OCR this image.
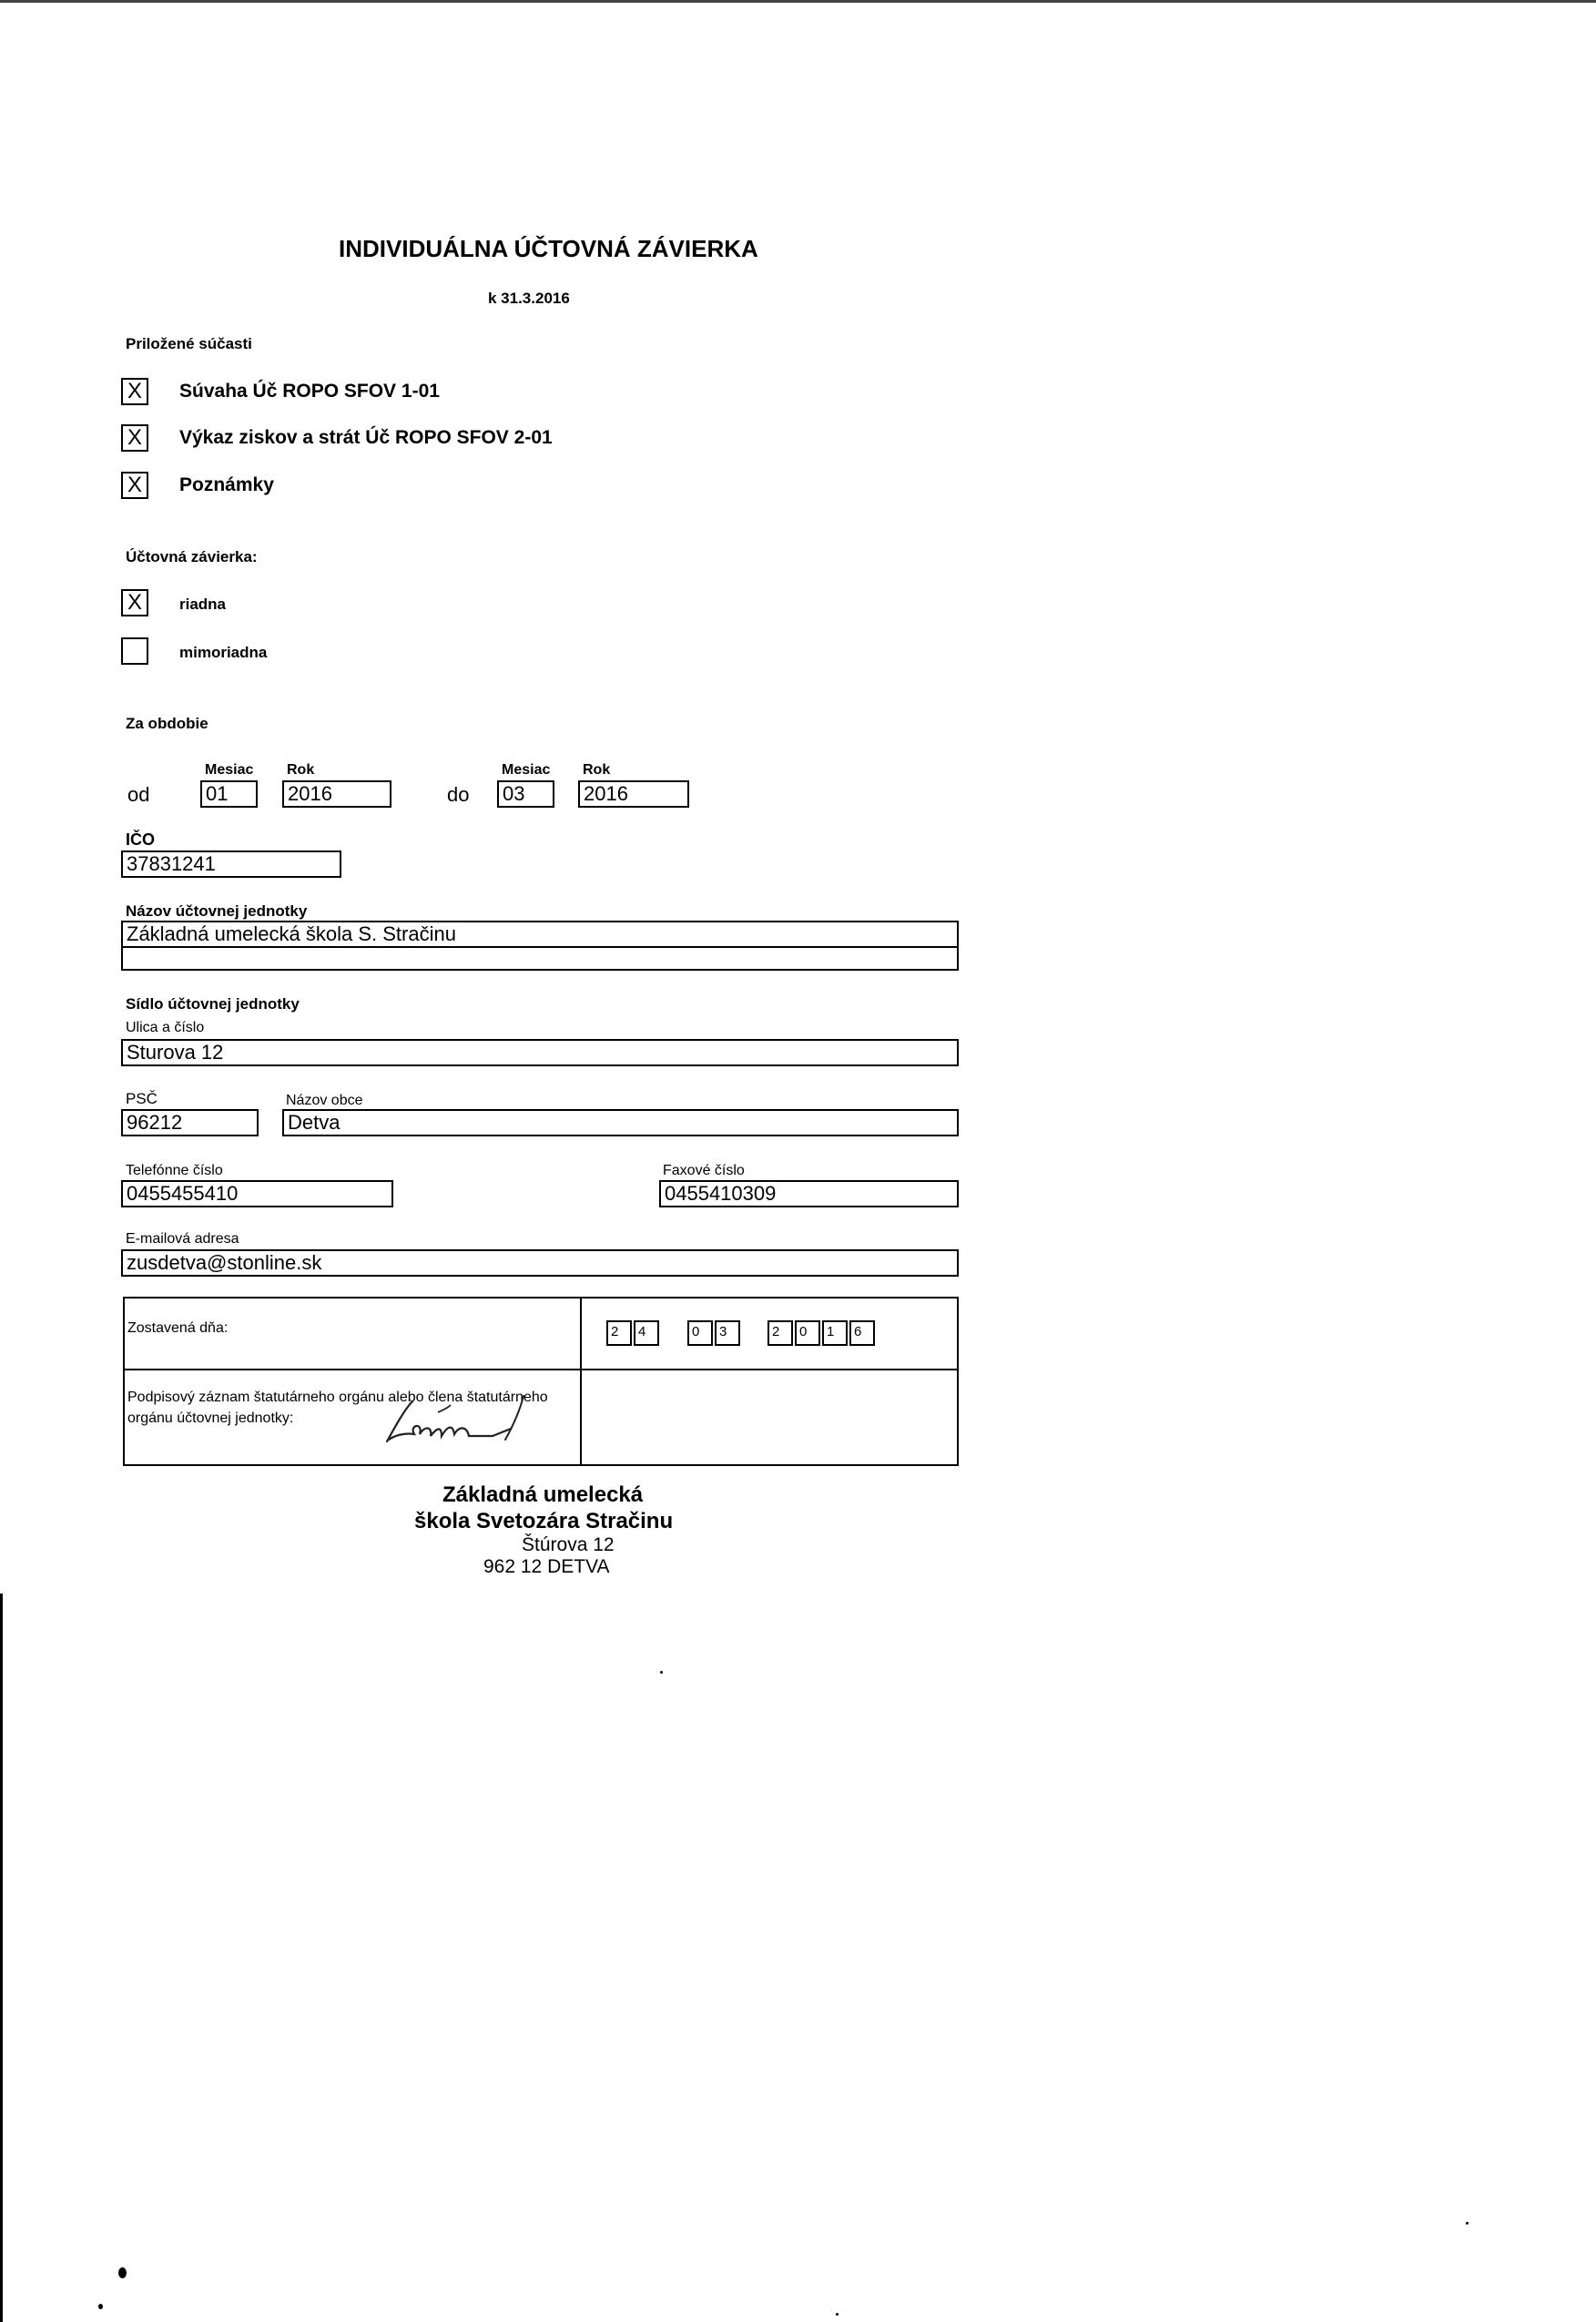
INDIVIDUÁLNA ÚČTOVNÁ ZÁVIERKA
k 31.3.2016
Priložené súčasti
X	Súvaha Úč ROPO SFOV 1-01
X	Výkaz ziskov a strát Úč ROPO SFOV 2-01
X	Poznámky
Účtovná závierka:
X	riadna
mimoriadna
Za obdobie
Mesiac Rok
od	01	2016
Mesiac Rok
do 03	2016
IČO
37831241
Názov účtovnej jednotky
Základná umelecká škola S. Stračinu
Sídlo účtovnej jednotky
Ulica a číslo
Sturova 12
PSČ
96212
Názov obce
Detva
Telefónne číslo
0455455410
Faxové číslo
0455410309
E-mailová adresa
zusdetva@stonline.sk
Zostavená dňa:	2	4	0	3	2	0	1	6
Podpisový záznam štatutárneho orgánu alebo člena štatutárneho
orgánu účtovnej jednotky:
Základná umelecká
škola Svetozára Stračinu
Štúrova 12
962 12 DETVA
